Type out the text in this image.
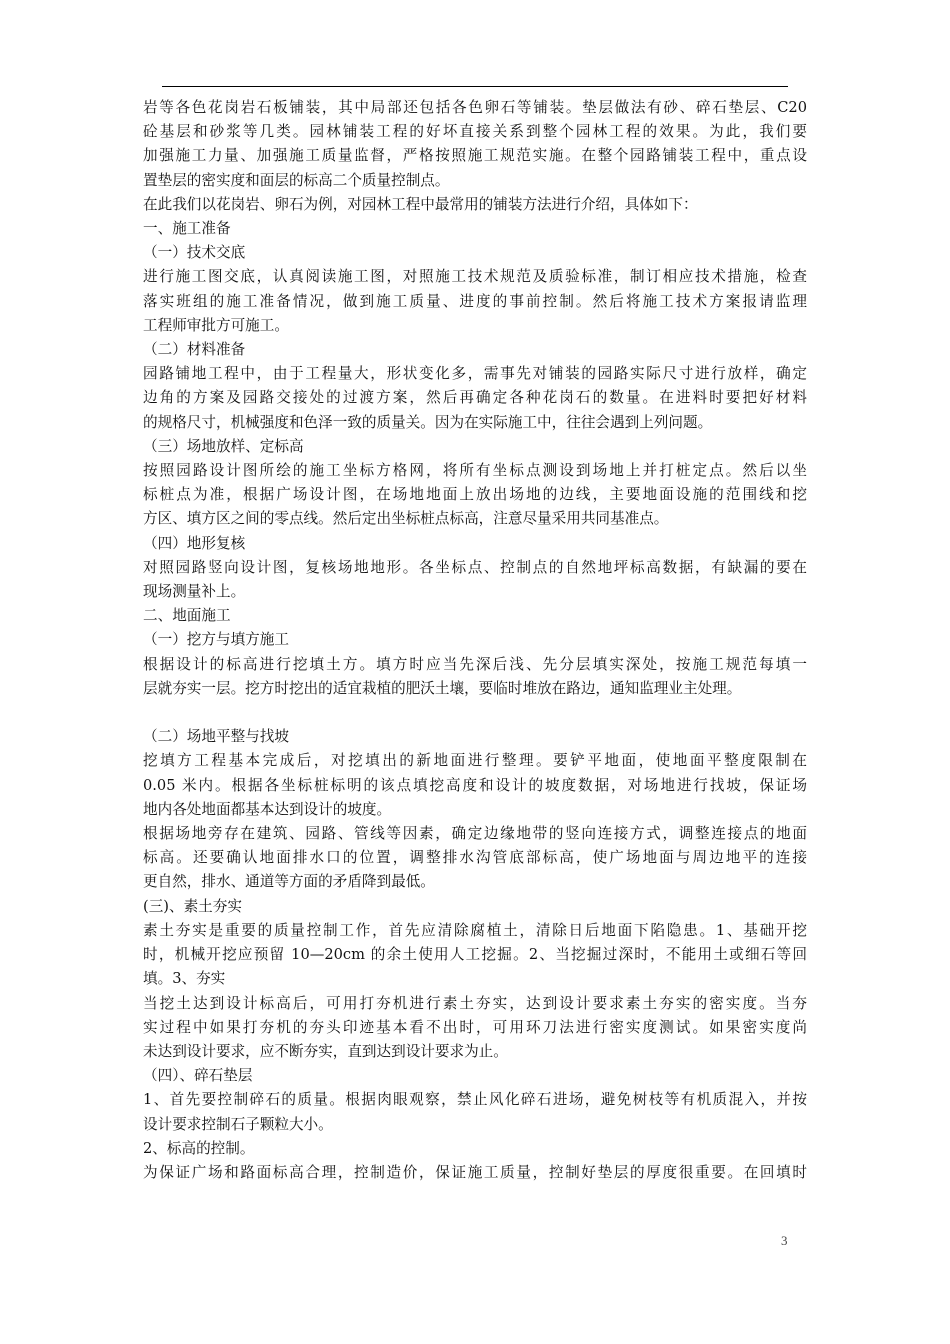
岩等各色花岗岩石板铺装，其中局部还包括各色卵石等铺装。垫层做法有砂、碎石垫层、C20
砼基层和砂浆等几类。园林铺装工程的好坏直接关系到整个园林工程的效果。为此，我们要
加强施工力量、加强施工质量监督，严格按照施工规范实施。在整个园路铺装工程中，重点设
置垫层的密实度和面层的标高二个质量控制点。
在此我们以花岗岩、卵石为例，对园林工程中最常用的铺装方法进行介绍，具体如下：
一、施工准备
（一）技术交底
进行施工图交底，认真阅读施工图，对照施工技术规范及质验标准，制订相应技术措施，检查
落实班组的施工准备情况，做到施工质量、进度的事前控制。然后将施工技术方案报请监理
工程师审批方可施工。
（二）材料准备
园路铺地工程中，由于工程量大，形状变化多，需事先对铺装的园路实际尺寸进行放样，确定
边角的方案及园路交接处的过渡方案，然后再确定各种花岗石的数量。在进料时要把好材料
的规格尺寸，机械强度和色泽一致的质量关。因为在实际施工中，往往会遇到上列问题。
（三）场地放样、定标高
按照园路设计图所绘的施工坐标方格网，将所有坐标点测设到场地上并打桩定点。然后以坐
标桩点为准，根据广场设计图，在场地地面上放出场地的边线，主要地面设施的范围线和挖
方区、填方区之间的零点线。然后定出坐标桩点标高，注意尽量采用共同基准点。
（四）地形复核
对照园路竖向设计图，复核场地地形。各坐标点、控制点的自然地坪标高数据，有缺漏的要在
现场测量补上。
二、地面施工
（一）挖方与填方施工
根据设计的标高进行挖填土方。填方时应当先深后浅、先分层填实深处，按施工规范每填一
层就夯实一层。挖方时挖出的适宜栽植的肥沃土壤，要临时堆放在路边，通知监理业主处理。
（二）场地平整与找坡
挖填方工程基本完成后，对挖填出的新地面进行整理。要铲平地面，使地面平整度限制在
0.05 米内。根据各坐标桩标明的该点填挖高度和设计的坡度数据，对场地进行找坡，保证场
地内各处地面都基本达到设计的坡度。
根据场地旁存在建筑、园路、管线等因素，确定边缘地带的竖向连接方式，调整连接点的地面
标高。还要确认地面排水口的位置，调整排水沟管底部标高，使广场地面与周边地平的连接
更自然，排水、通道等方面的矛盾降到最低。
(三)、素土夯实
素土夯实是重要的质量控制工作，首先应清除腐植土，清除日后地面下陷隐患。1、基础开挖
时，机械开挖应预留 10—20cm 的余土使用人工挖掘。2、当挖掘过深时，不能用土或细石等回
填。3、夯实
当挖土达到设计标高后，可用打夯机进行素土夯实，达到设计要求素土夯实的密实度。当夯
实过程中如果打夯机的夯头印迹基本看不出时，可用环刀法进行密实度测试。如果密实度尚
未达到设计要求，应不断夯实，直到达到设计要求为止。
（四）、碎石垫层
1、首先要控制碎石的质量。根据肉眼观察，禁止风化碎石进场，避免树枝等有机质混入，并按
设计要求控制石子颗粒大小。
2、标高的控制。
为保证广场和路面标高合理，控制造价，保证施工质量，控制好垫层的厚度很重要。在回填时
3
